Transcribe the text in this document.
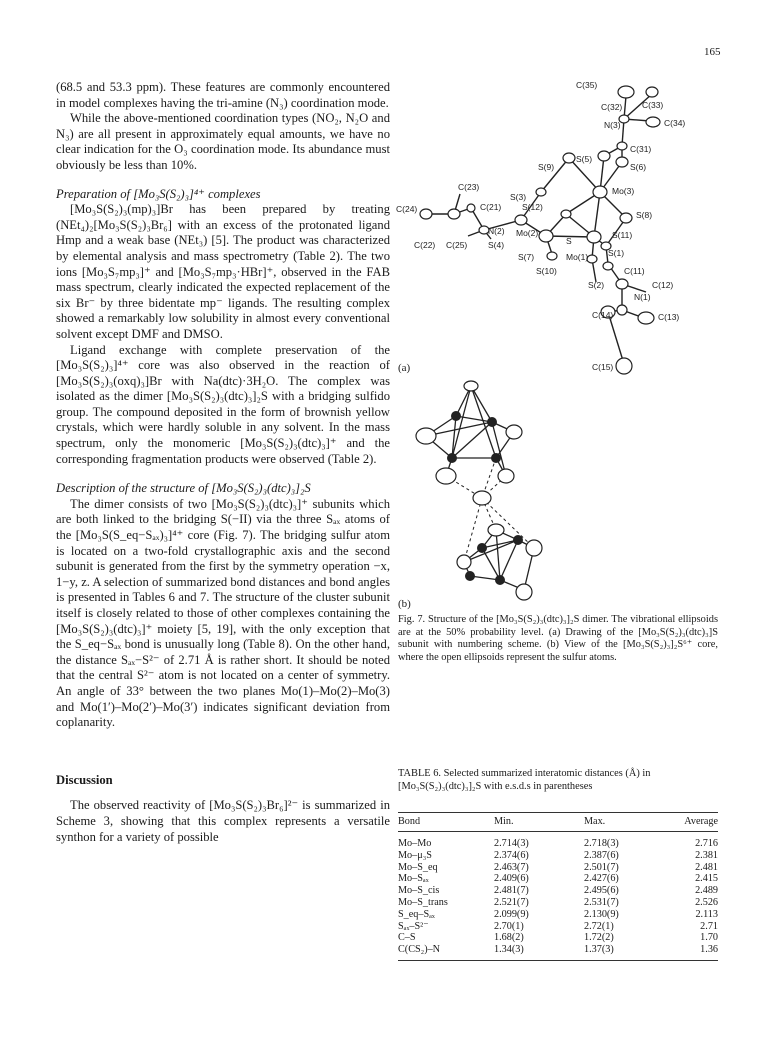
165

(68.5 and 53.3 ppm). These features are commonly encountered in model complexes having the tri-amine (N₃) coordination mode.

While the above-mentioned coordination types (NO₂, N₂O and N₃) are all present in approximately equal amounts, we have no clear indication for the O₃ coordination mode. Its abundance must obviously be less than 10%.

Preparation of [Mo₃S(S₂)₃]⁴⁺ complexes

[Mo₃S(S₂)₃(mp)₃]Br has been prepared by treating (NEt₄)₂[Mo₃S(S₂)₃Br₆] with an excess of the protonated ligand Hmp and a weak base (NEt₃) [5]. The product was characterized by elemental analysis and mass spectrometry (Table 2). The two ions [Mo₃S₇mp₃]⁺ and [Mo₃S₇mp₃·HBr]⁺, observed in the FAB mass spectrum, clearly indicated the expected replacement of the six Br⁻ by three bidentate mp⁻ ligands. The resulting complex showed a remarkably low solubility in almost every conventional solvent except DMF and DMSO.

Ligand exchange with complete preservation of the [Mo₃S(S₂)₃]⁴⁺ core was also observed in the reaction of [Mo₃S(S₂)₃(oxq)₃]Br with Na(dtc)·3H₂O. The complex was isolated as the dimer [Mo₃S(S₂)₃(dtc)₃]₂S with a bridging sulfido group. The compound deposited in the form of brownish yellow crystals, which were hardly soluble in any solvent. In the mass spectrum, only the monomeric [Mo₃S(S₂)₃(dtc)₃]⁺ and the corresponding fragmentation products were observed (Table 2).

Description of the structure of [Mo₃S(S₂)₃(dtc)₃]₂S

The dimer consists of two [Mo₃S(S₂)₃(dtc)₃]⁺ subunits which are both linked to the bridging S(−II) via the three Sₐₓ atoms of the [Mo₃S(S_eq−Sₐₓ)₃]⁴⁺ core (Fig. 7). The bridging sulfur atom is located on a two-fold crystallographic axis and the second subunit is generated from the first by the symmetry operation −x, 1−y, z. A selection of summarized bond distances and bond angles is presented in Tables 6 and 7. The structure of the cluster subunit itself is closely related to those of other complexes containing the [Mo₃S(S₂)₃(dtc)₃]⁺ moiety [5, 19], with the only exception that the S_eq−Sₐₓ bond is unusually long (Table 8). On the other hand, the distance Sₐₓ−S²⁻ of 2.71 Å is rather short. It should be noted that the central S²⁻ atom is not located on a center of symmetry. An angle of 33° between the two planes Mo(1)–Mo(2)–Mo(3) and Mo(1′)–Mo(2′)–Mo(3′) indicates significant deviation from coplanarity.

Discussion

The observed reactivity of [Mo₃S(S₂)₃Br₆]²⁻ is summarized in Scheme 3, showing that this complex represents a versatile synthon for a variety of possible

C(35)
C(33)
C(32)
N(3)	C(34)
C(31)
S(5)
S(6)
S(9)
Mo(3)
C(23)
S(3)
C(24)	C(21) S(12)
S(8)
N(2) Mo(2)	S(11)
C(22) C(25) S(4)	S
S(1)
S(7)	Mo(1)
S(10)	C(11)
S(2)	C(12)
N(1)
C(14)	C(13)
C(15)
(a)
(b)

Fig. 7. Structure of the [Mo₃S(S₂)₃(dtc)₃]₂S dimer. The vibrational ellipsoids are at the 50% probability level. (a) Drawing of the [Mo₃S(S₂)₃(dtc)₃]S subunit with numbering scheme. (b) View of the [Mo₃S(S₂)₃]₂S⁶⁺ core, where the open ellipsoids represent the sulfur atoms.

TABLE 6. Selected summarized interatomic distances (Å) in [Mo₃S(S₂)₃(dtc)₃]₂S with e.s.d.s in parentheses

Bond	Min.	Max.	Average
Mo–Mo	2.714(3)	2.718(3)	2.716
Mo–μ₃S	2.374(6)	2.387(6)	2.381
Mo–S_eq	2.463(7)	2.501(7)	2.481
Mo–Sₐₓ	2.409(6)	2.427(6)	2.415
Mo–S_cis	2.481(7)	2.495(6)	2.489
Mo–S_trans	2.521(7)	2.531(7)	2.526
S_eq–Sₐₓ	2.099(9)	2.130(9)	2.113
Sₐₓ–S²⁻	2.70(1)	2.72(1)	2.71
C–S	1.68(2)	1.72(2)	1.70
C(CS₂)–N	1.34(3)	1.37(3)	1.36
